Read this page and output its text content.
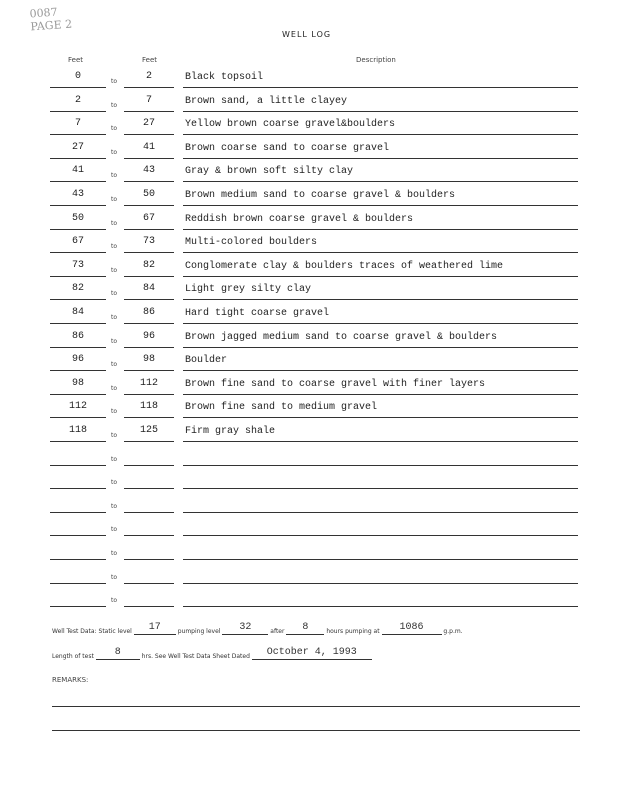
0087
PAGE 2
WELL LOG
Feet	Feet	Description
0	to	2	Black topsoil
2	to	7	Brown sand, a little clayey
7	to	27	Yellow brown coarse gravel&boulders
27	to	41	Brown coarse sand to coarse gravel
41	to	43	Gray & brown soft silty clay
43	to	50	Brown medium sand to coarse gravel & boulders
50	to	67	Reddish brown coarse gravel & boulders
67	to	73	Multi-colored boulders
73	to	82	Conglomerate clay & boulders traces of weathered lime
82	to	84	Light grey silty clay
84	to	86	Hard tight coarse gravel
86	to	96	Brown jagged medium sand to coarse gravel & boulders
96	to	98	Boulder
98	to	112	Brown fine sand to coarse gravel with finer layers
112	to	118	Brown fine sand to medium gravel
118	to	125	Firm gray shale
to
to
to
to
to
to
to
Well Test Data: Static level 17	pumping level 32	after 8	hours pumping at 1086	g.p.m.
Length of test 8	hrs. See Well Test Data Sheet Dated October 4, 1993
REMARKS:
